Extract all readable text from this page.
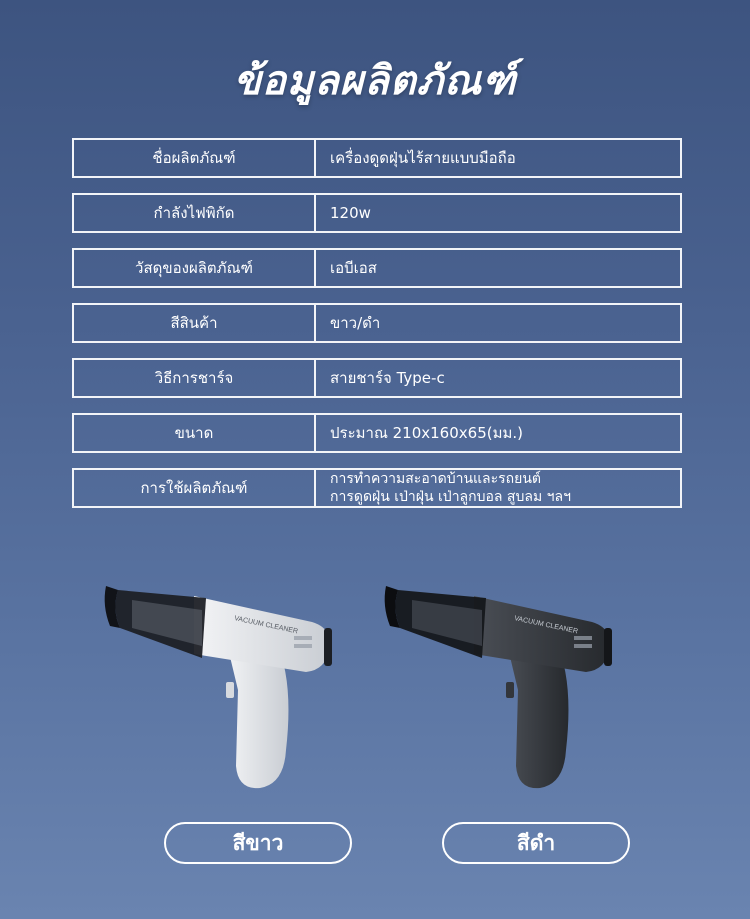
ข้อมูลผลิตภัณฑ์
ชื่อผลิตภัณฑ์	เครื่องดูดฝุ่นไร้สายแบบมือถือ
กำลังไฟพิกัด	120w
วัสดุของผลิตภัณฑ์	เอบีเอส
สีสินค้า	ขาว/ดำ
วิธีการชาร์จ	สายชาร์จ Type-c
ขนาด	ประมาณ 210x160x65(มม.)
การใช้ผลิตภัณฑ์	การทำความสะอาดบ้านและรถยนต์
การดูดฝุ่น เป่าฝุ่น เป่าลูกบอล สูบลม ฯลฯ
VACUUM CLEANER	VACUUM CLEANER
สีขาว	สีดำ
